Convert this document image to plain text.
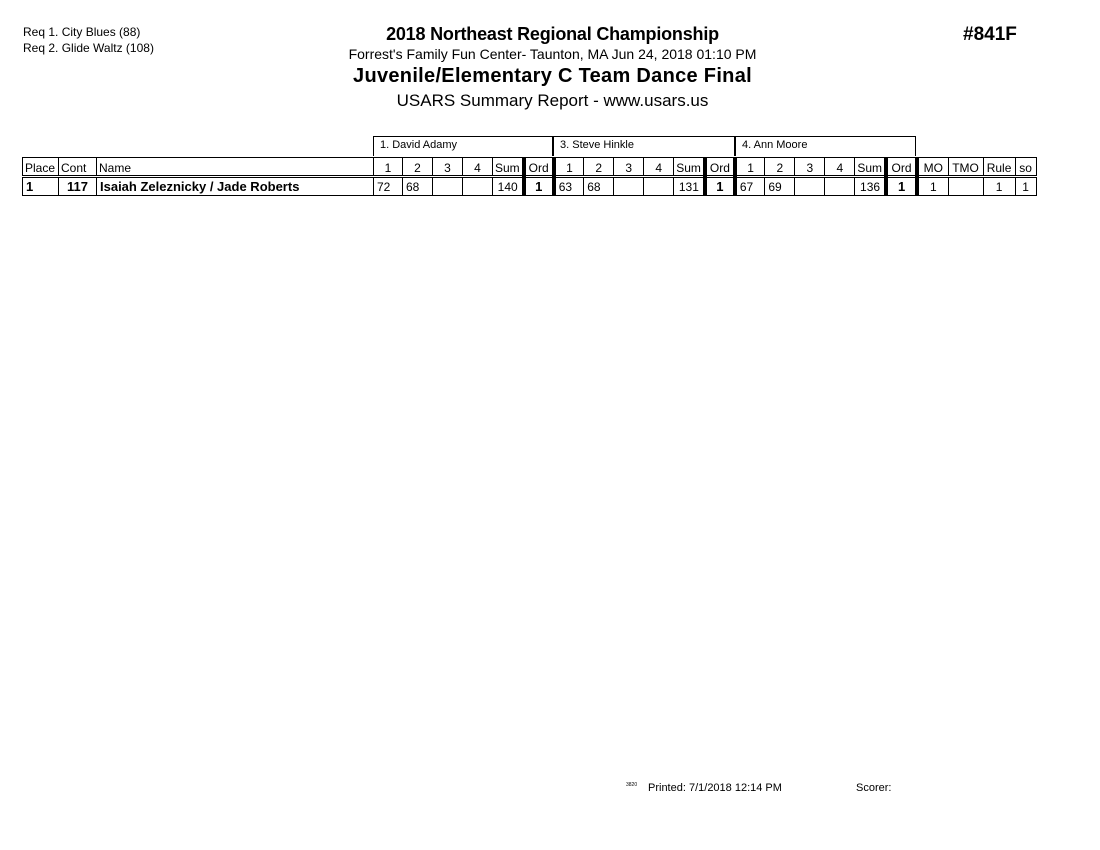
Req 1. City Blues (88)
Req 2. Glide Waltz (108)
2018 Northeast Regional Championship
Forrest's Family Fun Center- Taunton, MA Jun 24, 2018 01:10 PM
Juvenile/Elementary C Team Dance Final
USARS Summary Report - www.usars.us
#841F
1. David Adamy	3. Steve Hinkle	4. Ann Moore
Place	Cont	Name	1	2	3	4	Sum	Ord	1	2	3	4	Sum	Ord	1	2	3	4	Sum	Ord	MO	TMO	Rule	so
1	117	Isaiah Zeleznicky / Jade Roberts	72	68			140	1	63	68			131	1	67	69			136	1	1		1	1
3820 Printed: 7/1/2018 12:14 PM	Scorer:
